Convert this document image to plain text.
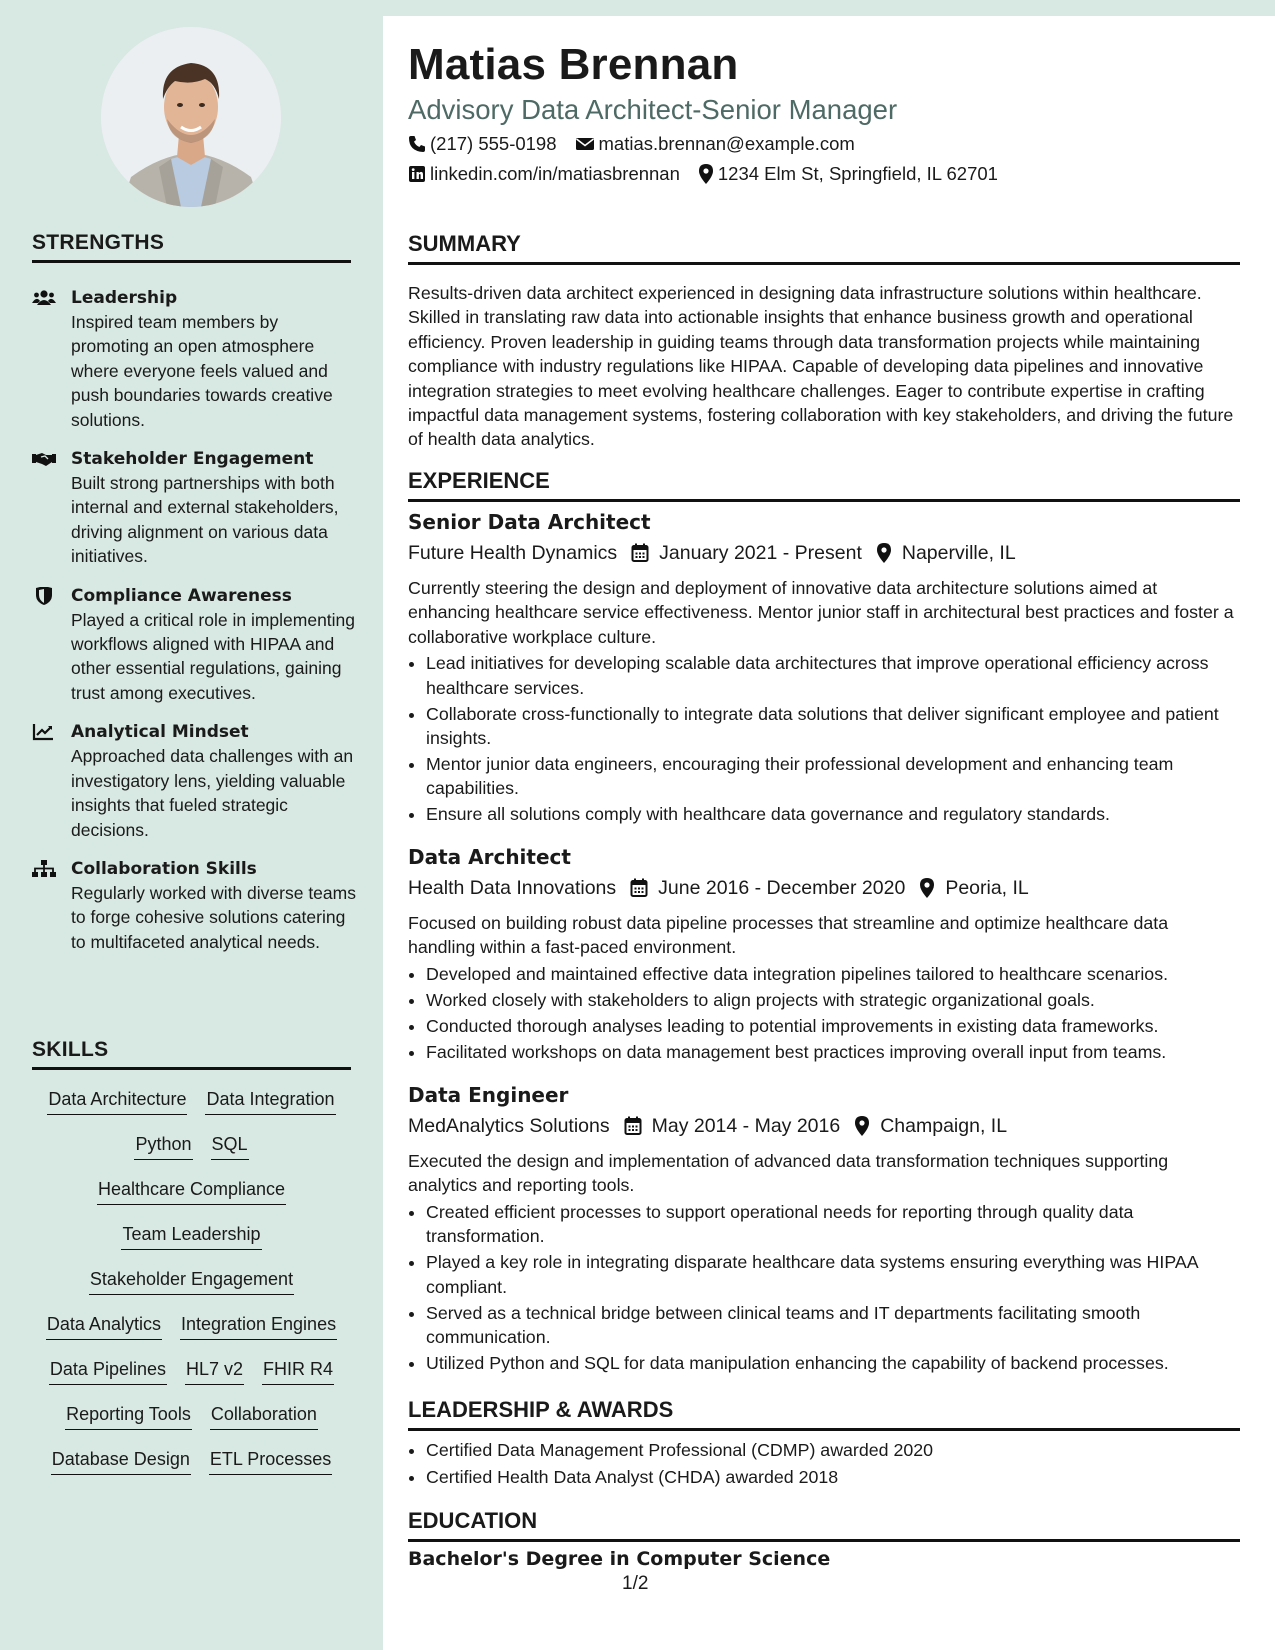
STRENGTHS
Leadership
Inspired team members by promoting an open atmosphere where everyone feels valued and push boundaries towards creative solutions.
Stakeholder Engagement
Built strong partnerships with both internal and external stakeholders, driving alignment on various data initiatives.
Compliance Awareness
Played a critical role in implementing workflows aligned with HIPAA and other essential regulations, gaining trust among executives.
Analytical Mindset
Approached data challenges with an investigatory lens, yielding valuable insights that fueled strategic decisions.
Collaboration Skills
Regularly worked with diverse teams to forge cohesive solutions catering to multifaceted analytical needs.
SKILLS
Data Architecture Data Integration
Python SQL
Healthcare Compliance
Team Leadership
Stakeholder Engagement
Data Analytics Integration Engines
Data Pipelines HL7 v2 FHIR R4
Reporting Tools Collaboration
Database Design ETL Processes
Matias Brennan
Advisory Data Architect-Senior Manager
(217) 555-0198 matias.brennan@example.com
linkedin.com/in/matiasbrennan 1234 Elm St, Springfield, IL 62701
SUMMARY
Results-driven data architect experienced in designing data infrastructure solutions within healthcare. Skilled in translating raw data into actionable insights that enhance business growth and operational efficiency. Proven leadership in guiding teams through data transformation projects while maintaining compliance with industry regulations like HIPAA. Capable of developing data pipelines and innovative integration strategies to meet evolving healthcare challenges. Eager to contribute expertise in crafting impactful data management systems, fostering collaboration with key stakeholders, and driving the future of health data analytics.
EXPERIENCE
Senior Data Architect
Future Health Dynamics January 2021 - Present Naperville, IL
Currently steering the design and deployment of innovative data architecture solutions aimed at enhancing healthcare service effectiveness. Mentor junior staff in architectural best practices and foster a collaborative workplace culture.
• Lead initiatives for developing scalable data architectures that improve operational efficiency across healthcare services.
• Collaborate cross-functionally to integrate data solutions that deliver significant employee and patient insights.
• Mentor junior data engineers, encouraging their professional development and enhancing team capabilities.
• Ensure all solutions comply with healthcare data governance and regulatory standards.
Data Architect
Health Data Innovations June 2016 - December 2020 Peoria, IL
Focused on building robust data pipeline processes that streamline and optimize healthcare data handling within a fast-paced environment.
• Developed and maintained effective data integration pipelines tailored to healthcare scenarios.
• Worked closely with stakeholders to align projects with strategic organizational goals.
• Conducted thorough analyses leading to potential improvements in existing data frameworks.
• Facilitated workshops on data management best practices improving overall input from teams.
Data Engineer
MedAnalytics Solutions May 2014 - May 2016 Champaign, IL
Executed the design and implementation of advanced data transformation techniques supporting analytics and reporting tools.
• Created efficient processes to support operational needs for reporting through quality data transformation.
• Played a key role in integrating disparate healthcare data systems ensuring everything was HIPAA compliant.
• Served as a technical bridge between clinical teams and IT departments facilitating smooth communication.
• Utilized Python and SQL for data manipulation enhancing the capability of backend processes.
LEADERSHIP & AWARDS
• Certified Data Management Professional (CDMP) awarded 2020
• Certified Health Data Analyst (CHDA) awarded 2018
EDUCATION
Bachelor's Degree in Computer Science
1/2
